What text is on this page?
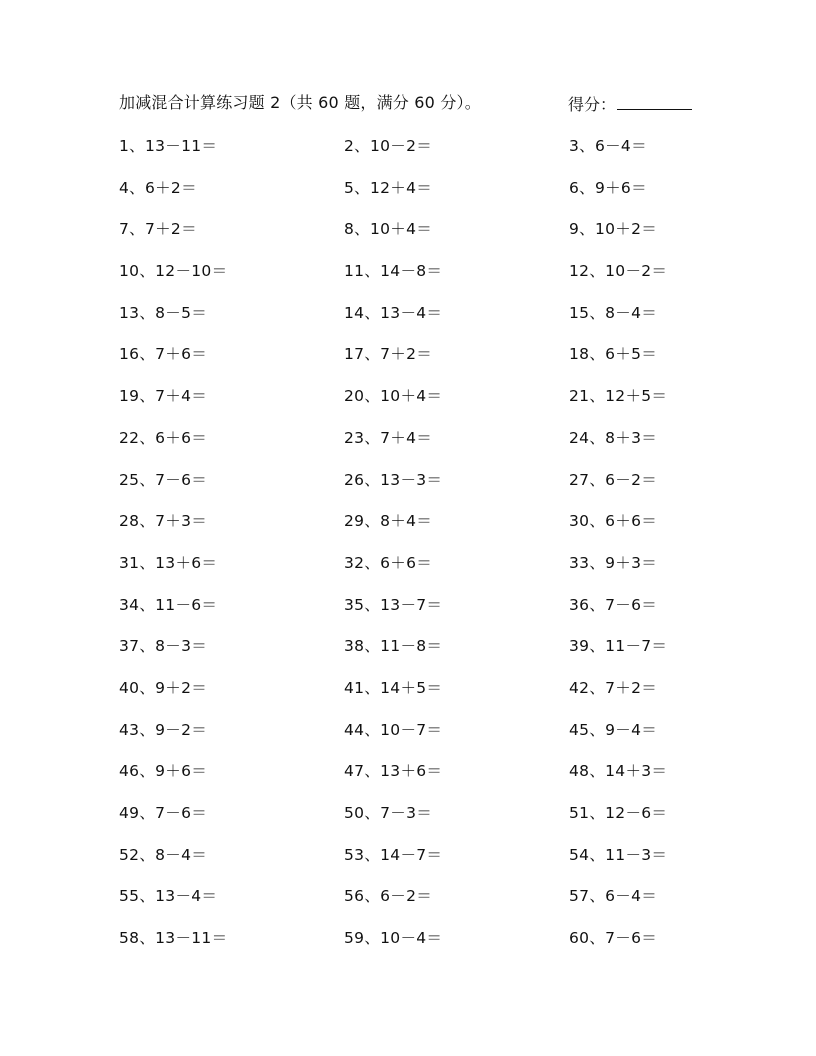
加减混合计算练习题 2（共 60 题，满分 60 分）。	得分：
1、13－11＝	2、10－2＝	3、6－4＝
4、6＋2＝	5、12＋4＝	6、9＋6＝
7、7＋2＝	8、10＋4＝	9、10＋2＝
10、12－10＝	11、14－8＝	12、10－2＝
13、8－5＝	14、13－4＝	15、8－4＝
16、7＋6＝	17、7＋2＝	18、6＋5＝
19、7＋4＝	20、10＋4＝	21、12＋5＝
22、6＋6＝	23、7＋4＝	24、8＋3＝
25、7－6＝	26、13－3＝	27、6－2＝
28、7＋3＝	29、8＋4＝	30、6＋6＝
31、13＋6＝	32、6＋6＝	33、9＋3＝
34、11－6＝	35、13－7＝	36、7－6＝
37、8－3＝	38、11－8＝	39、11－7＝
40、9＋2＝	41、14＋5＝	42、7＋2＝
43、9－2＝	44、10－7＝	45、9－4＝
46、9＋6＝	47、13＋6＝	48、14＋3＝
49、7－6＝	50、7－3＝	51、12－6＝
52、8－4＝	53、14－7＝	54、11－3＝
55、13－4＝	56、6－2＝	57、6－4＝
58、13－11＝	59、10－4＝	60、7－6＝
